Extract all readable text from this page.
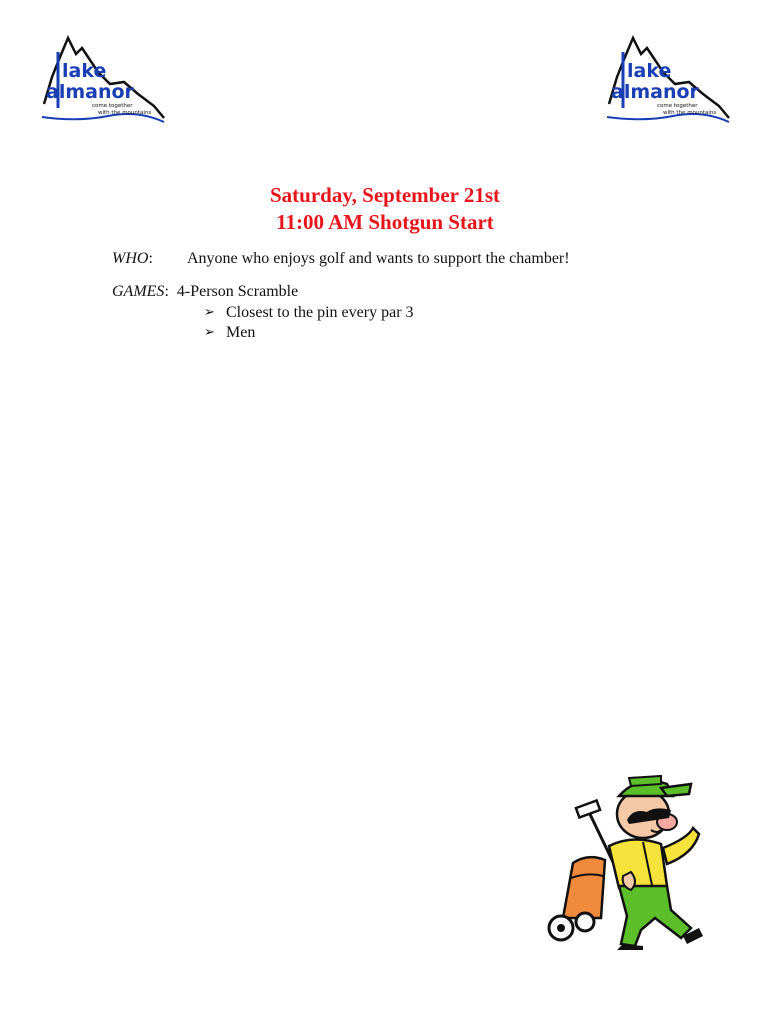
lake
almanor
come together
with the mountains
lake
almanor
come together
with the mountains
Saturday, September 21st
11:00 AM Shotgun Start
WHO: Anyone who enjoys golf and wants to support the chamber!
GAMES:  4-Person Scramble
➢ Closest to the pin every par 3
➢ Men
